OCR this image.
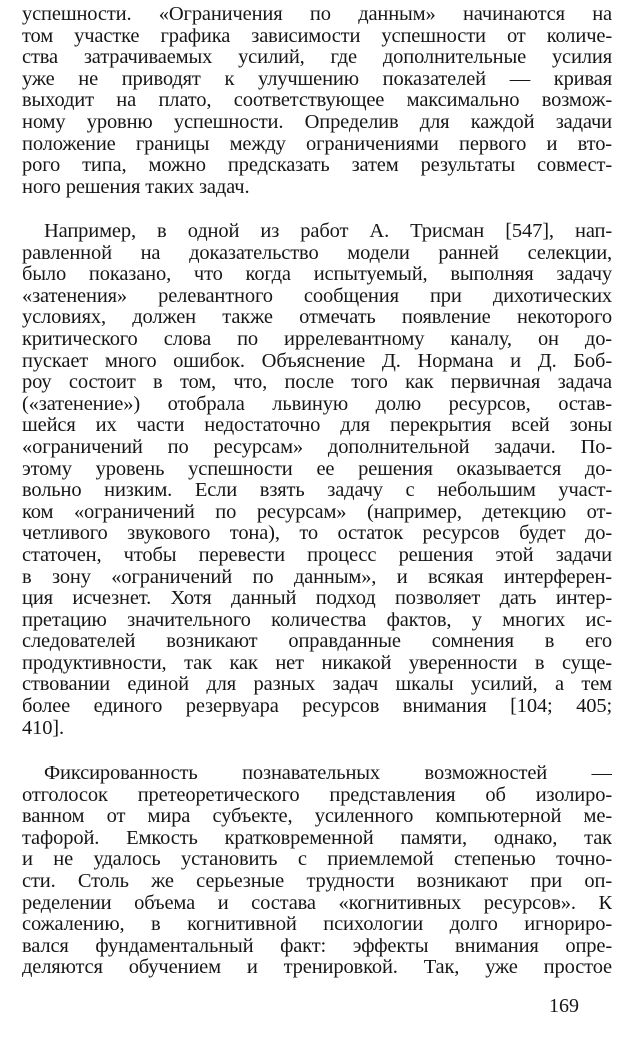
успешности. «Ограничения по данным» начинаются на
том участке графика зависимости успешности от количе-
ства затрачиваемых усилий, где дополнительные усилия
уже не приводят к улучшению показателей — кривая
выходит на плато, соответствующее максимально возмож-
ному уровню успешности. Определив для каждой задачи
положение границы между ограничениями первого и вто-
рого типа, можно предсказать затем результаты совмест-
ного решения таких задач.
Например, в одной из работ А. Трисман [547], нап-
равленной на доказательство модели ранней селекции,
было показано, что когда испытуемый, выполняя задачу
«затенения» релевантного сообщения при дихотических
условиях, должен также отмечать появление некоторого
критического слова по иррелевантному каналу, он до-
пускает много ошибок. Объяснение Д. Нормана и Д. Боб-
роу состоит в том, что, после того как первичная задача
(«затенение») отобрала львиную долю ресурсов, остав-
шейся их части недостаточно для перекрытия всей зоны
«ограничений по ресурсам» дополнительной задачи. По-
этому уровень успешности ее решения оказывается до-
вольно низким. Если взять задачу с небольшим участ-
ком «ограничений по ресурсам» (например, детекцию от-
четливого звукового тона), то остаток ресурсов будет до-
статочен, чтобы перевести процесс решения этой задачи
в зону «ограничений по данным», и всякая интерферен-
ция исчезнет. Хотя данный подход позволяет дать интер-
претацию значительного количества фактов, у многих ис-
следователей возникают оправданные сомнения в его
продуктивности, так как нет никакой уверенности в суще-
ствовании единой для разных задач шкалы усилий, а тем
более единого резервуара ресурсов внимания [104; 405;
410].
Фиксированность познавательных возможностей —
отголосок претеоретического представления об изолиро-
ванном от мира субъекте, усиленного компьютерной ме-
тафорой. Емкость кратковременной памяти, однако, так
и не удалось установить с приемлемой степенью точно-
сти. Столь же серьезные трудности возникают при оп-
ределении объема и состава «когнитивных ресурсов». К
сожалению, в когнитивной психологии долго игнориро-
вался фундаментальный факт: эффекты внимания опре-
деляются обучением и тренировкой. Так, уже простое
169
